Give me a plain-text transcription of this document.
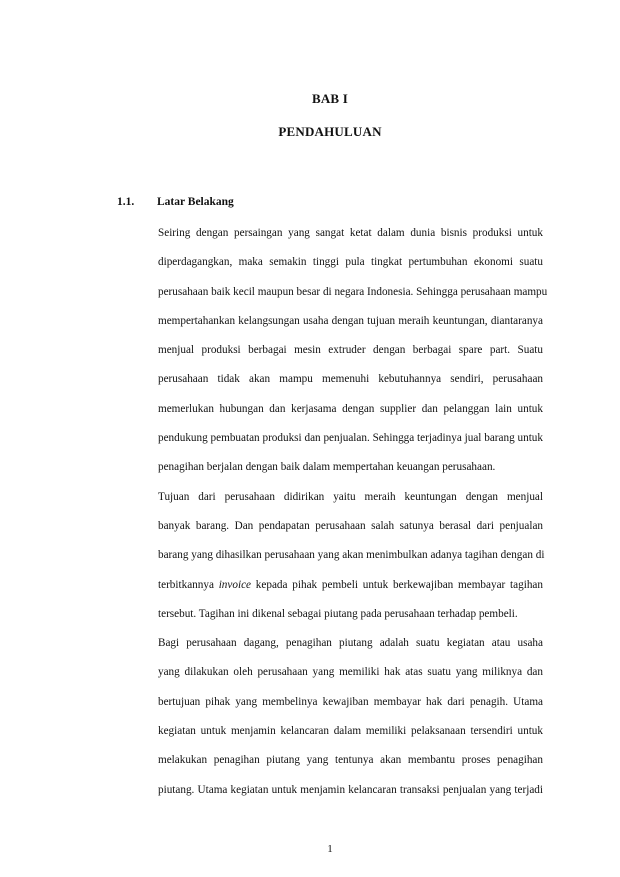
BAB I
PENDAHULUAN
1.1. Latar Belakang

Seiring dengan persaingan yang sangat ketat dalam dunia bisnis produksi untuk
diperdagangkan, maka semakin tinggi pula tingkat pertumbuhan ekonomi suatu
perusahaan baik kecil maupun besar di negara Indonesia. Sehingga perusahaan mampu
mempertahankan kelangsungan usaha dengan tujuan meraih keuntungan, diantaranya
menjual produksi berbagai mesin extruder dengan berbagai spare part. Suatu
perusahaan tidak akan mampu memenuhi kebutuhannya sendiri, perusahaan
memerlukan hubungan dan kerjasama dengan supplier dan pelanggan lain untuk
pendukung pembuatan produksi dan penjualan. Sehingga terjadinya jual barang untuk
penagihan berjalan dengan baik dalam mempertahan keuangan perusahaan.

Tujuan dari perusahaan didirikan yaitu meraih keuntungan dengan menjual
banyak barang. Dan pendapatan perusahaan salah satunya berasal dari penjualan
barang yang dihasilkan perusahaan yang akan menimbulkan adanya tagihan dengan di
terbitkannya invoice kepada pihak pembeli untuk berkewajiban membayar tagihan
tersebut. Tagihan ini dikenal sebagai piutang pada perusahaan terhadap pembeli.

Bagi perusahaan dagang, penagihan piutang adalah suatu kegiatan atau usaha
yang dilakukan oleh perusahaan yang memiliki hak atas suatu yang miliknya dan
bertujuan pihak yang membelinya kewajiban membayar hak dari penagih. Utama
kegiatan untuk menjamin kelancaran dalam memiliki pelaksanaan tersendiri untuk
melakukan penagihan piutang yang tentunya akan membantu proses penagihan
piutang. Utama kegiatan untuk menjamin kelancaran transaksi penjualan yang terjadi

1
